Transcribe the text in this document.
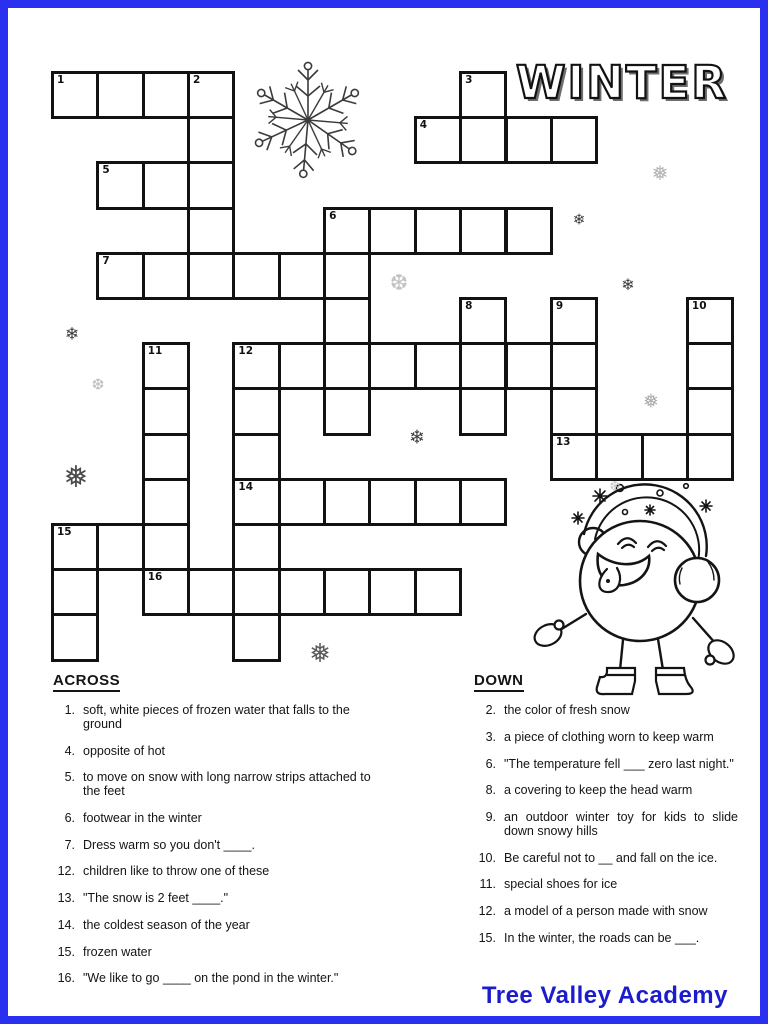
WINTER
1	2	3
4
5
6
7
8	9	10
11	12
13
14
15
16
❅
❄
❄
❆
❄
❆
❅
❄
❅
❅
❆
ACROSS
1. soft, white pieces of frozen water that falls to the ground
4. opposite of hot
5. to move on snow with long narrow strips attached to the feet
6. footwear in the winter
7. Dress warm so you don't ____.
12. children like to throw one of these
13. "The snow is 2 feet ____."
14. the coldest season of the year
15. frozen water
16. "We like to go ____ on the pond in the winter."
DOWN
2. the color of fresh snow
3. a piece of clothing worn to keep warm
6. "The temperature fell ___ zero last night."
8. a covering to keep the head warm
9. an outdoor winter toy for kids to slide down snowy hills
10. Be careful not to __ and fall on the ice.
11. special shoes for ice
12. a model of a person made with snow
15. In the winter, the roads can be ___.
Tree Valley Academy
